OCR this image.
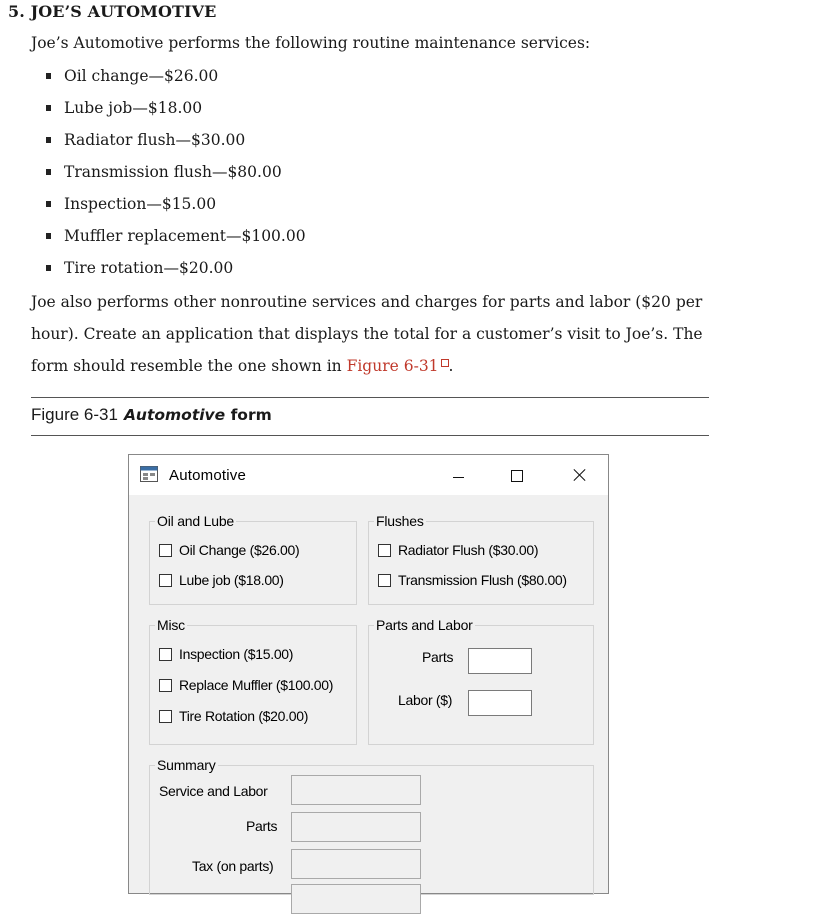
5. JOE’S AUTOMOTIVE
Joe’s Automotive performs the following routine maintenance services:
Oil change—$26.00
Lube job—$18.00
Radiator flush—$30.00
Transmission flush—$80.00
Inspection—$15.00
Muffler replacement—$100.00
Tire rotation—$20.00
Joe also performs other nonroutine services and charges for parts and labor ($20 per hour). Create an application that displays the total for a customer’s visit to Joe’s. The form should resemble the one shown in Figure 6-31 .
Figure 6-31 Automotive form
Automotive
Oil and Lube
Oil Change ($26.00)
Lube job ($18.00)
Flushes
Radiator Flush ($30.00)
Transmission Flush ($80.00)
Misc
Inspection ($15.00)
Replace Muffler ($100.00)
Tire Rotation ($20.00)
Parts and Labor
Parts
Labor ($)
Summary
Service and Labor
Parts
Tax (on parts)
